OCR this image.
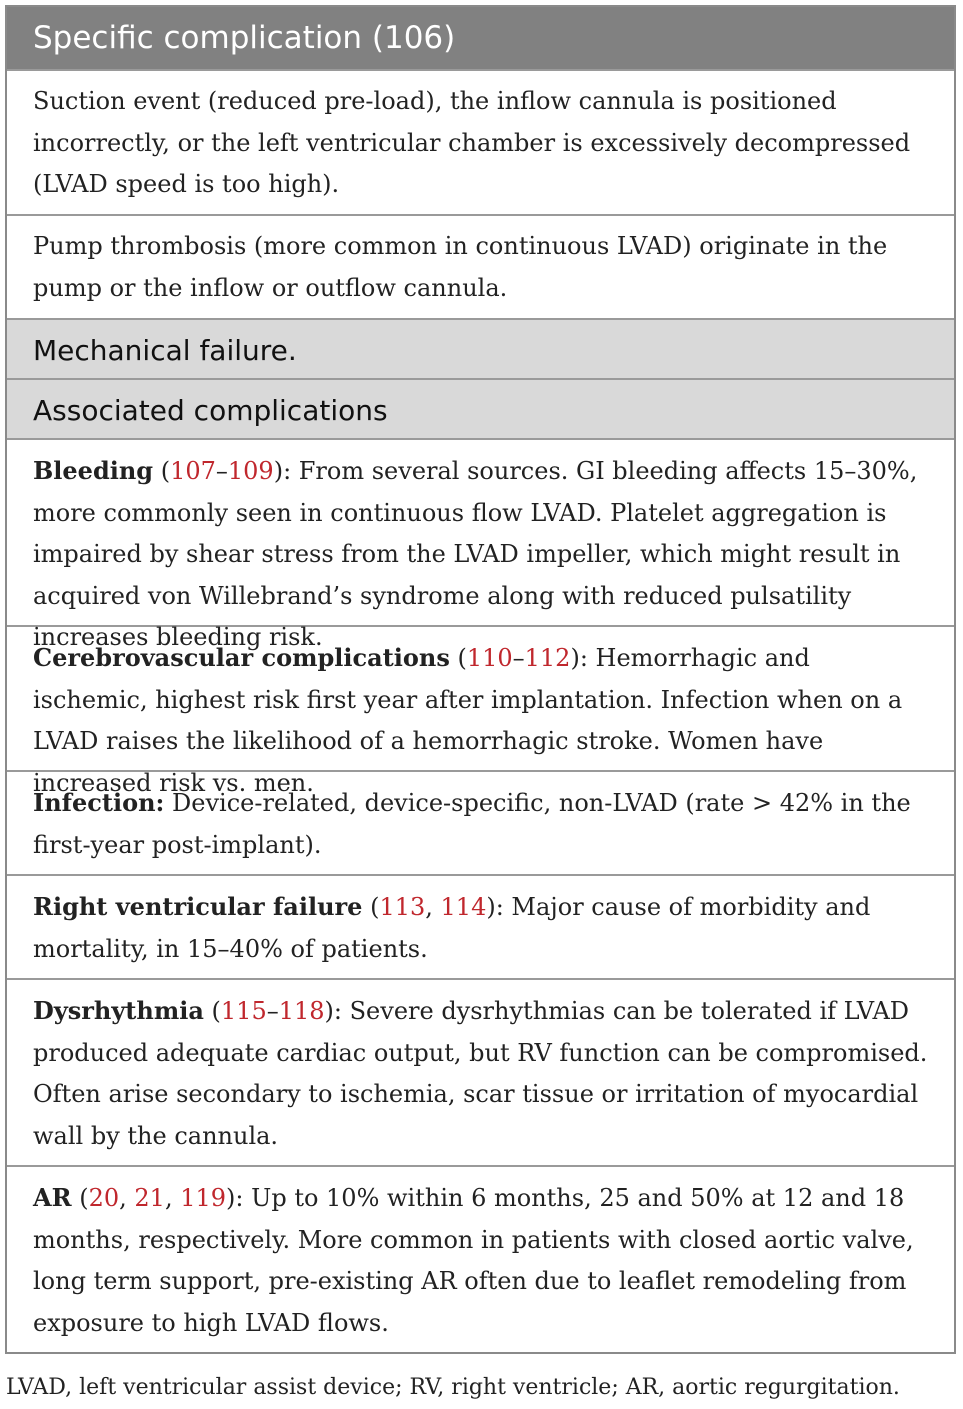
Specific complication (106)
Suction event (reduced pre-load), the inflow cannula is positioned incorrectly, or the left ventricular chamber is excessively decompressed (LVAD speed is too high).
Pump thrombosis (more common in continuous LVAD) originate in the pump or the inflow or outflow cannula.
Mechanical failure.
Associated complications
Bleeding (107–109): From several sources. GI bleeding affects 15–30%, more commonly seen in continuous flow LVAD. Platelet aggregation is impaired by shear stress from the LVAD impeller, which might result in acquired von Willebrand’s syndrome along with reduced pulsatility increases bleeding risk.
Cerebrovascular complications (110–112): Hemorrhagic and ischemic, highest risk first year after implantation. Infection when on a LVAD raises the likelihood of a hemorrhagic stroke. Women have increased risk vs. men.
Infection: Device-related, device-specific, non-LVAD (rate > 42% in the first-year post-implant).
Right ventricular failure (113, 114): Major cause of morbidity and mortality, in 15–40% of patients.
Dysrhythmia (115–118): Severe dysrhythmias can be tolerated if LVAD produced adequate cardiac output, but RV function can be compromised. Often arise secondary to ischemia, scar tissue or irritation of myocardial wall by the cannula.
AR (20, 21, 119): Up to 10% within 6 months, 25 and 50% at 12 and 18 months, respectively. More common in patients with closed aortic valve, long term support, pre-existing AR often due to leaflet remodeling from exposure to high LVAD flows.
LVAD, left ventricular assist device; RV, right ventricle; AR, aortic regurgitation.
